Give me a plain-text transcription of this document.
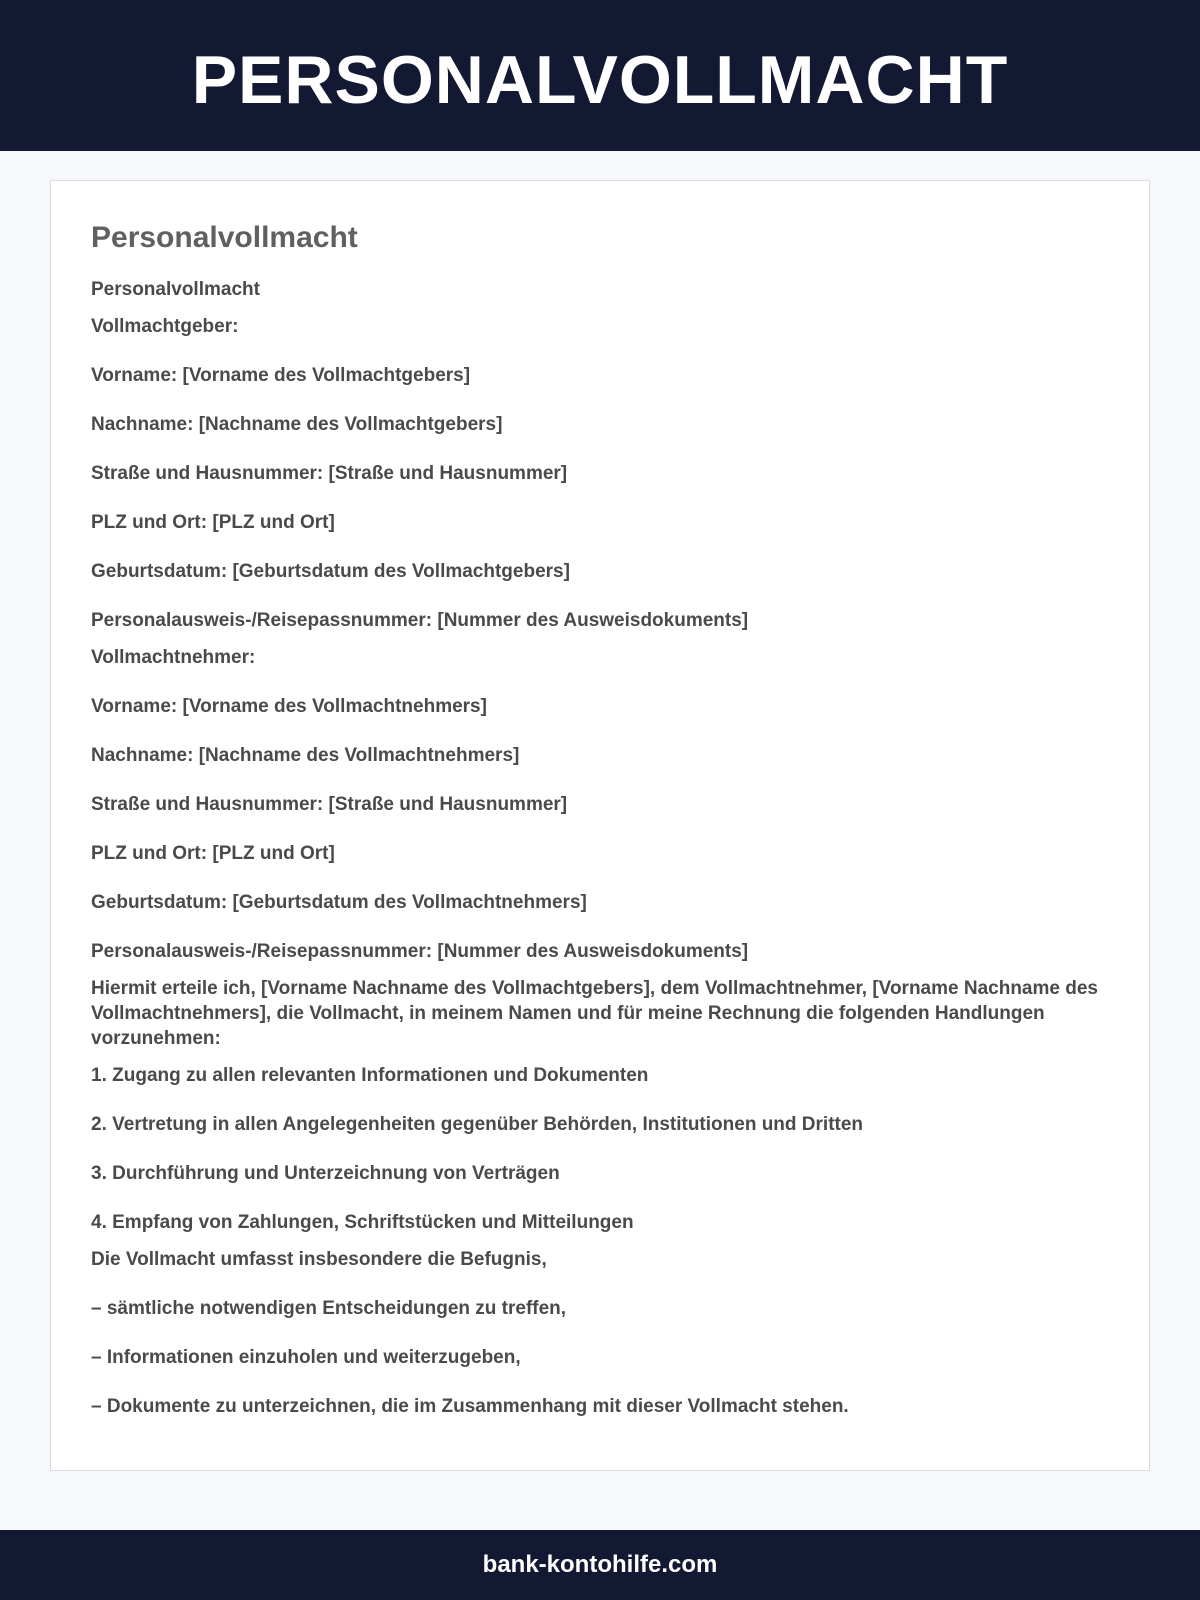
PERSONALVOLLMACHT
Personalvollmacht
Personalvollmacht
Vollmachtgeber:
Vorname: [Vorname des Vollmachtgebers]
Nachname: [Nachname des Vollmachtgebers]
Straße und Hausnummer: [Straße und Hausnummer]
PLZ und Ort: [PLZ und Ort]
Geburtsdatum: [Geburtsdatum des Vollmachtgebers]
Personalausweis-/Reisepassnummer: [Nummer des Ausweisdokuments]
Vollmachtnehmer:
Vorname: [Vorname des Vollmachtnehmers]
Nachname: [Nachname des Vollmachtnehmers]
Straße und Hausnummer: [Straße und Hausnummer]
PLZ und Ort: [PLZ und Ort]
Geburtsdatum: [Geburtsdatum des Vollmachtnehmers]
Personalausweis-/Reisepassnummer: [Nummer des Ausweisdokuments]
Hiermit erteile ich, [Vorname Nachname des Vollmachtgebers], dem Vollmachtnehmer, [Vorname Nachname des Vollmachtnehmers], die Vollmacht, in meinem Namen und für meine Rechnung die folgenden Handlungen vorzunehmen:
1. Zugang zu allen relevanten Informationen und Dokumenten
2. Vertretung in allen Angelegenheiten gegenüber Behörden, Institutionen und Dritten
3. Durchführung und Unterzeichnung von Verträgen
4. Empfang von Zahlungen, Schriftstücken und Mitteilungen
Die Vollmacht umfasst insbesondere die Befugnis,
– sämtliche notwendigen Entscheidungen zu treffen,
– Informationen einzuholen und weiterzugeben,
– Dokumente zu unterzeichnen, die im Zusammenhang mit dieser Vollmacht stehen.
bank-kontohilfe.com
